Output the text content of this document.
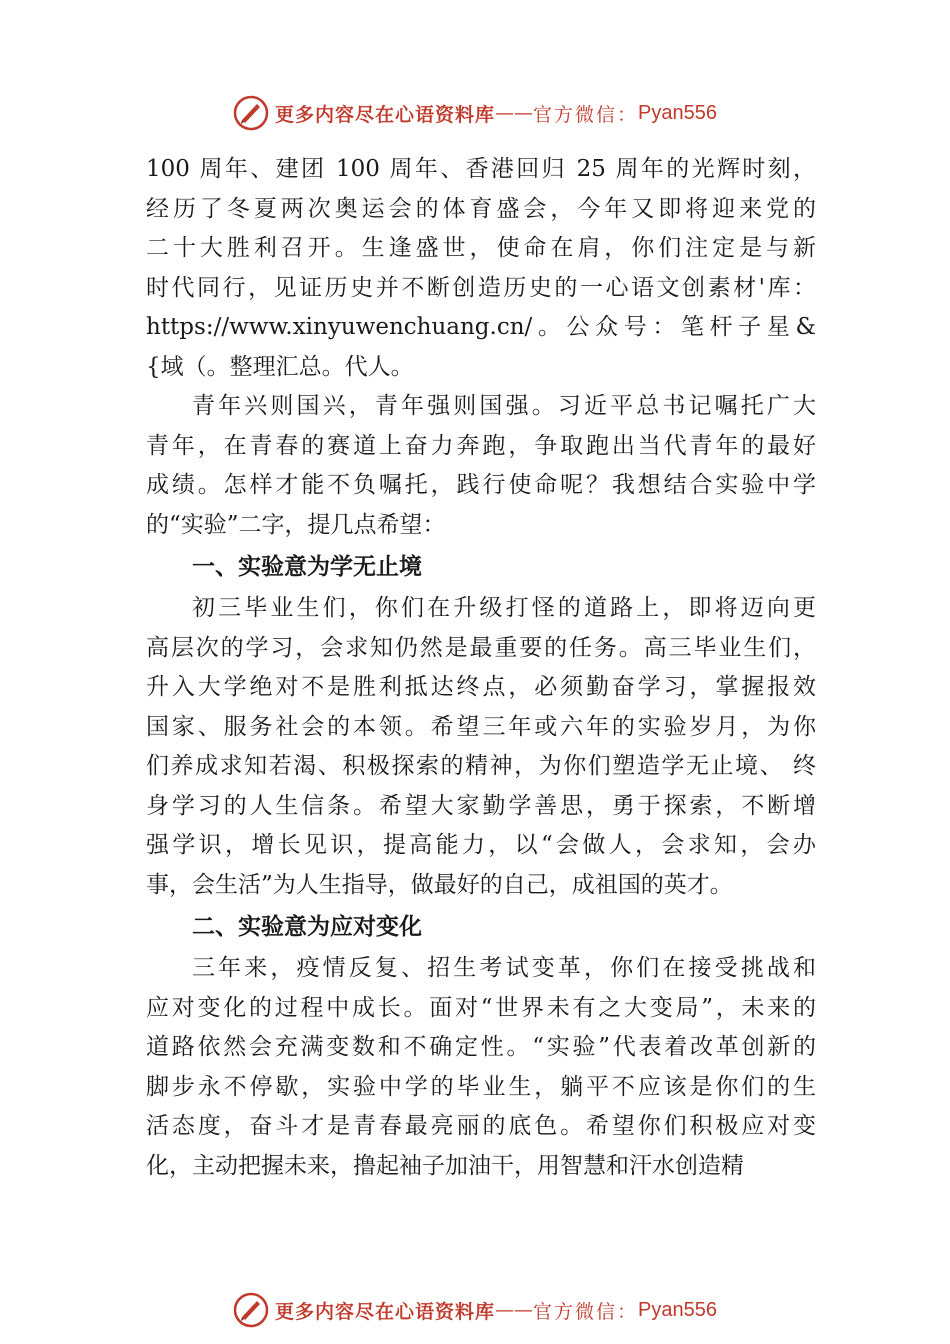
更多内容尽在心语资料库 —— 官方微信： Pyan556
100 周年、建团 100 周年、香港回归 25 周年的光辉时刻，
经历了冬夏两次奥运会的体育盛会，今年又即将迎来党的
二十大胜利召开。生逢盛世，使命在肩，你们注定是与新
时代同行，见证历史并不断创造历史的一心语文创素材'库：
https://www.xinyuwenchuang.cn/。公众号：笔杆子星&
{域（。整理汇总。代人。
青年兴则国兴，青年强则国强。习近平总书记嘱托广大
青年，在青春的赛道上奋力奔跑，争取跑出当代青年的最好
成绩。怎样才能不负嘱托，践行使命呢？我想结合实验中学
的“实验”二字，提几点希望：
一、实验意为学无止境
初三毕业生们，你们在升级打怪的道路上，即将迈向更
高层次的学习，会求知仍然是最重要的任务。高三毕业生们，
升入大学绝对不是胜利抵达终点，必须勤奋学习，掌握报效
国家、服务社会的本领。希望三年或六年的实验岁月，为你
们养成求知若渴、积极探索的精神，为你们塑造学无止境、 终
身学习的人生信条。希望大家勤学善思，勇于探索，不断增
强学识，增长见识，提高能力，以“会做人，会求知，会办
事，会生活”为人生指导，做最好的自己，成祖国的英才。
二、实验意为应对变化
三年来，疫情反复、招生考试变革，你们在接受挑战和
应对变化的过程中成长。面对“世界未有之大变局”，未来的
道路依然会充满变数和不确定性。“实验”代表着改革创新的
脚步永不停歇，实验中学的毕业生，躺平不应该是你们的生
活态度，奋斗才是青春最亮丽的底色。希望你们积极应对变
化，主动把握未来，撸起袖子加油干，用智慧和汗水创造精
更多内容尽在心语资料库 —— 官方微信： Pyan556
